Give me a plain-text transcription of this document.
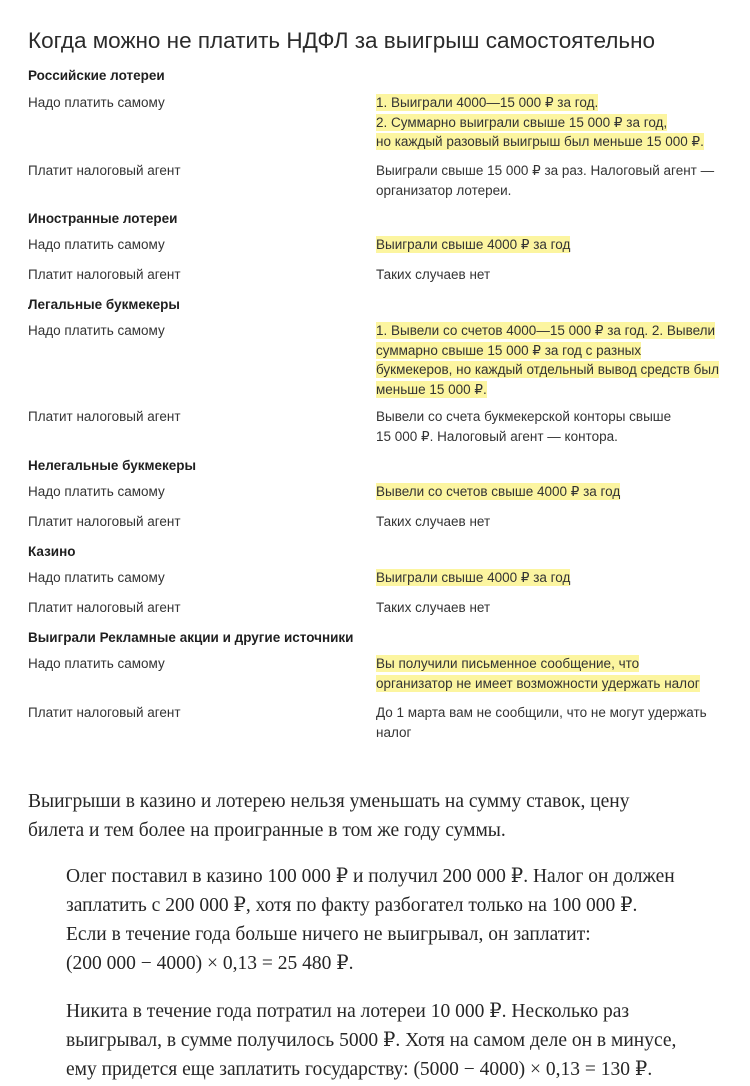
Когда можно не платить НДФЛ за выигрыш самостоятельно
Российские лотереи
Надо платить самому	1. Выиграли 4000—15 000 ₽ за год.
2. Суммарно выиграли свыше 15 000 ₽ за год,
но каждый разовый выигрыш был меньше 15 000 ₽.
Платит налоговый агент	Выиграли свыше 15 000 ₽ за раз. Налоговый агент —
организатор лотереи.
Иностранные лотереи
Надо платить самому	Выиграли свыше 4000 ₽ за год
Платит налоговый агент	Таких случаев нет
Легальные букмекеры
Надо платить самому	1. Вывели со счетов 4000—15 000 ₽ за год. 2. Вывели
суммарно свыше 15 000 ₽ за год с разных
букмекеров, но каждый отдельный вывод средств был
меньше 15 000 ₽.
Платит налоговый агент	Вывели со счета букмекерской конторы свыше
15 000 ₽. Налоговый агент — контора.
Нелегальные букмекеры
Надо платить самому	Вывели со счетов свыше 4000 ₽ за год
Платит налоговый агент	Таких случаев нет
Казино
Надо платить самому	Выиграли свыше 4000 ₽ за год
Платит налоговый агент	Таких случаев нет
Выиграли Рекламные акции и другие источники
Надо платить самому	Вы получили письменное сообщение, что
организатор не имеет возможности удержать налог
Платит налоговый агент	До 1 марта вам не сообщили, что не могут удержать
налог

Выигрыши в казино и лотерею нельзя уменьшать на сумму ставок, цену
билета и тем более на проигранные в том же году суммы.

Олег поставил в казино 100 000 ₽ и получил 200 000 ₽. Налог он должен
заплатить с 200 000 ₽, хотя по факту разбогател только на 100 000 ₽.
Если в течение года больше ничего не выигрывал, он заплатит:
(200 000 − 4000) × 0,13 = 25 480 ₽.

Никита в течение года потратил на лотереи 10 000 ₽. Несколько раз
выигрывал, в сумме получилось 5000 ₽. Хотя на самом деле он в минусе,
ему придется еще заплатить государству: (5000 − 4000) × 0,13 = 130 ₽.
